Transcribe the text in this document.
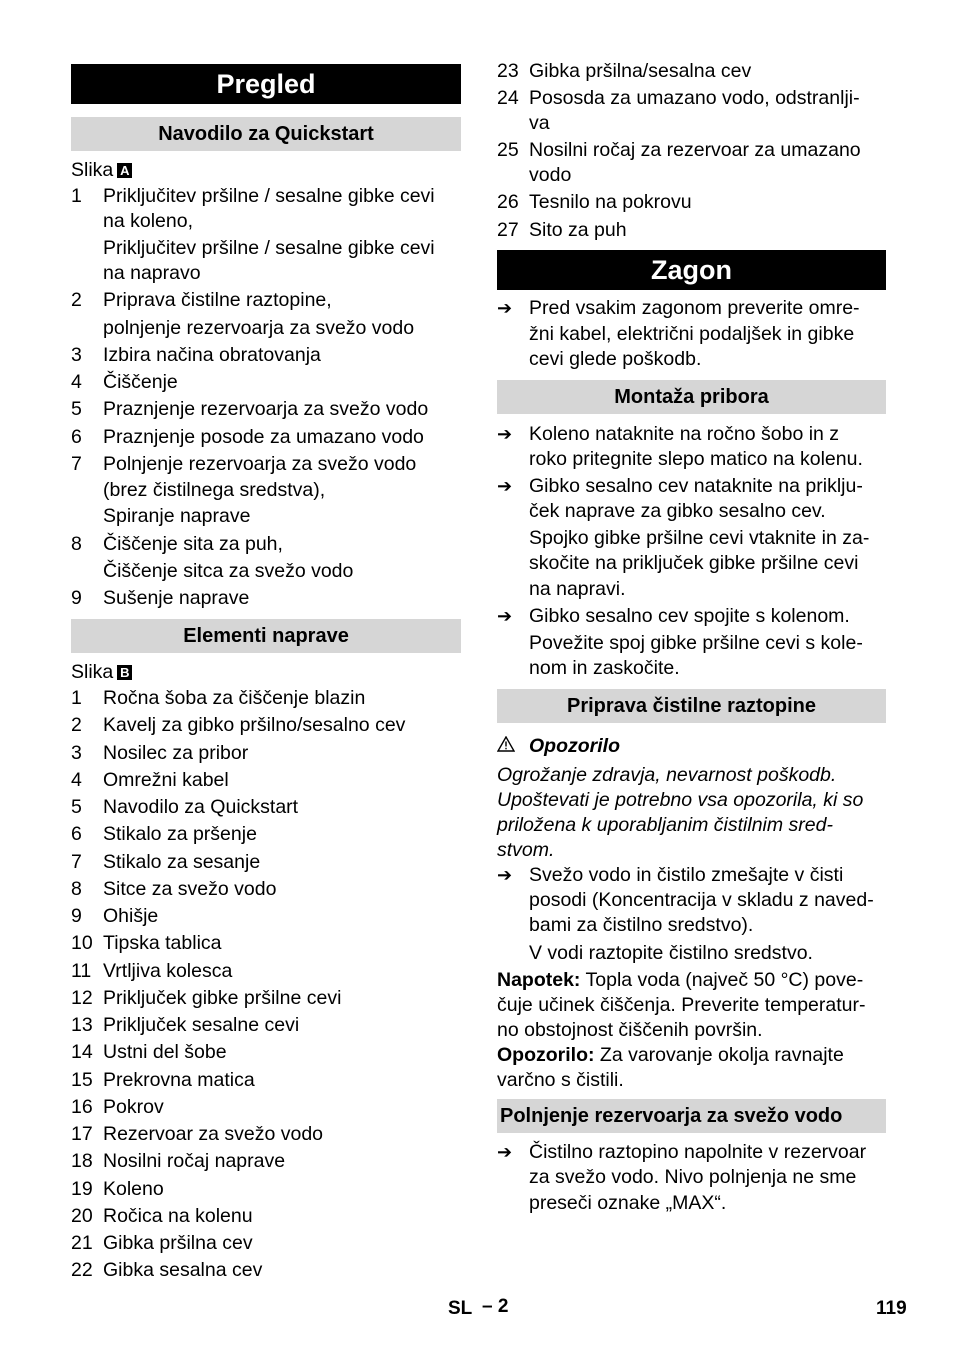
Pregled
Navodilo za Quickstart
Slika A
1 Priključitev pršilne / sesalne gibke cevi
na koleno,
Priključitev pršilne / sesalne gibke cevi
na napravo
2 Priprava čistilne raztopine,
polnjenje rezervoarja za svežo vodo
3 Izbira načina obratovanja
4 Čiščenje
5 Praznjenje rezervoarja za svežo vodo
6 Praznjenje posode za umazano vodo
7 Polnjenje rezervoarja za svežo vodo
(brez čistilnega sredstva),
Spiranje naprave
8 Čiščenje sita za puh,
Čiščenje sitca za svežo vodo
9 Sušenje naprave
Elementi naprave
Slika B
1 Ročna šoba za čiščenje blazin
2 Kavelj za gibko pršilno/sesalno cev
3 Nosilec za pribor
4 Omrežni kabel
5 Navodilo za Quickstart
6 Stikalo za pršenje
7 Stikalo za sesanje
8 Sitce za svežo vodo
9 Ohišje
10 Tipska tablica
11 Vrtljiva kolesca
12 Priključek gibke pršilne cevi
13 Priključek sesalne cevi
14 Ustni del šobe
15 Prekrovna matica
16 Pokrov
17 Rezervoar za svežo vodo
18 Nosilni ročaj naprave
19 Koleno
20 Ročica na kolenu
21 Gibka pršilna cev
22 Gibka sesalna cev
23 Gibka pršilna/sesalna cev
24 Pososda za umazano vodo, odstranlji-
va
25 Nosilni ročaj za rezervoar za umazano
vodo
26 Tesnilo na pokrovu
27 Sito za puh
Zagon
➔ Pred vsakim zagonom preverite omre-
žni kabel, električni podaljšek in gibke
cevi glede poškodb.
Montaža pribora
➔ Koleno nataknite na ročno šobo in z
roko pritegnite slepo matico na kolenu.
➔ Gibko sesalno cev nataknite na priklju-
ček naprave za gibko sesalno cev.
Spojko gibke pršilne cevi vtaknite in za-
skočite na priključek gibke pršilne cevi
na napravi.
➔ Gibko sesalno cev spojite s kolenom.
Povežite spoj gibke pršilne cevi s kole-
nom in zaskočite.
Priprava čistilne raztopine
Opozorilo
Ogrožanje zdravja, nevarnost poškodb.
Upoštevati je potrebno vsa opozorila, ki so
priložena k uporabljanim čistilnim sred-
stvom.
➔ Svežo vodo in čistilo zmešajte v čisti
posodi (Koncentracija v skladu z naved-
bami za čistilno sredstvo).
V vodi raztopite čistilno sredstvo.
Napotek: Topla voda (največ 50 °C) pove-
čuje učinek čiščenja. Preverite temperatur-
no obstojnost čiščenih površin.
Opozorilo: Za varovanje okolja ravnajte
varčno s čistili.
Polnjenje rezervoarja za svežo vodo
➔ Čistilno raztopino napolnite v rezervoar
za svežo vodo. Nivo polnjenja ne sme
preseči oznake „MAX“.
SL – 2	119
